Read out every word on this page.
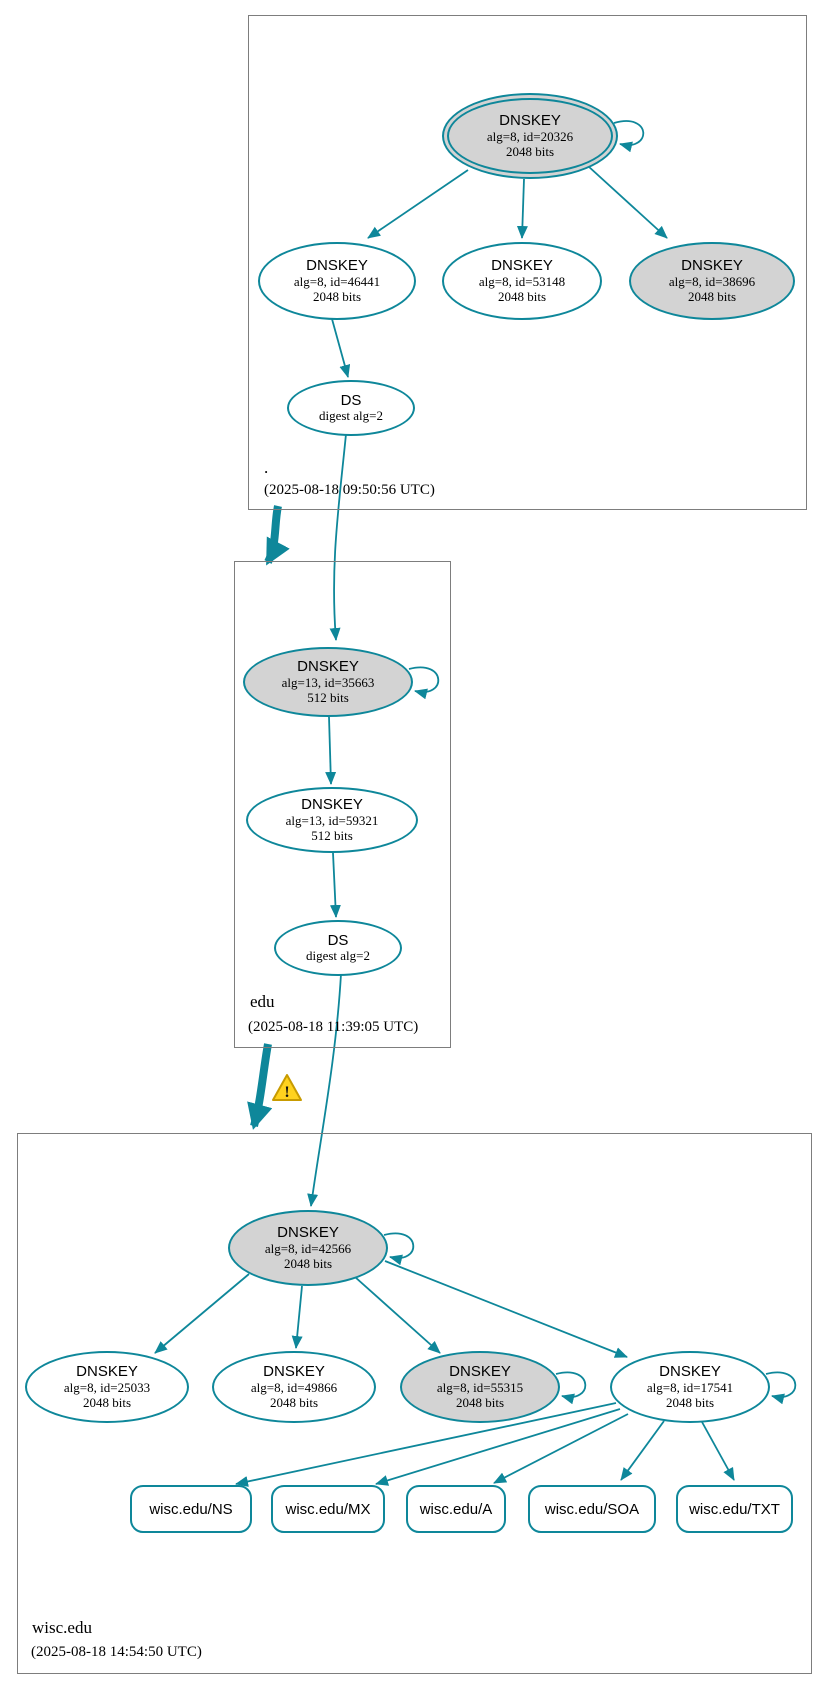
.
(2025-08-18 09:50:56 UTC)
edu
(2025-08-18 11:39:05 UTC)
wisc.edu
(2025-08-18 14:54:50 UTC)
DNSKEY
alg=8, id=20326
2048 bits
DNSKEY
alg=8, id=46441
2048 bits
DNSKEY
alg=8, id=53148
2048 bits
DNSKEY
alg=8, id=38696
2048 bits
DS
digest alg=2
DNSKEY
alg=13, id=35663
512 bits
DNSKEY
alg=13, id=59321
512 bits
DS
digest alg=2
!
DNSKEY
alg=8, id=42566
2048 bits
DNSKEY
alg=8, id=25033
2048 bits
DNSKEY
alg=8, id=49866
2048 bits
DNSKEY
alg=8, id=55315
2048 bits
DNSKEY
alg=8, id=17541
2048 bits
wisc.edu/NS	wisc.edu/MX	wisc.edu/A	wisc.edu/SOA	wisc.edu/TXT
